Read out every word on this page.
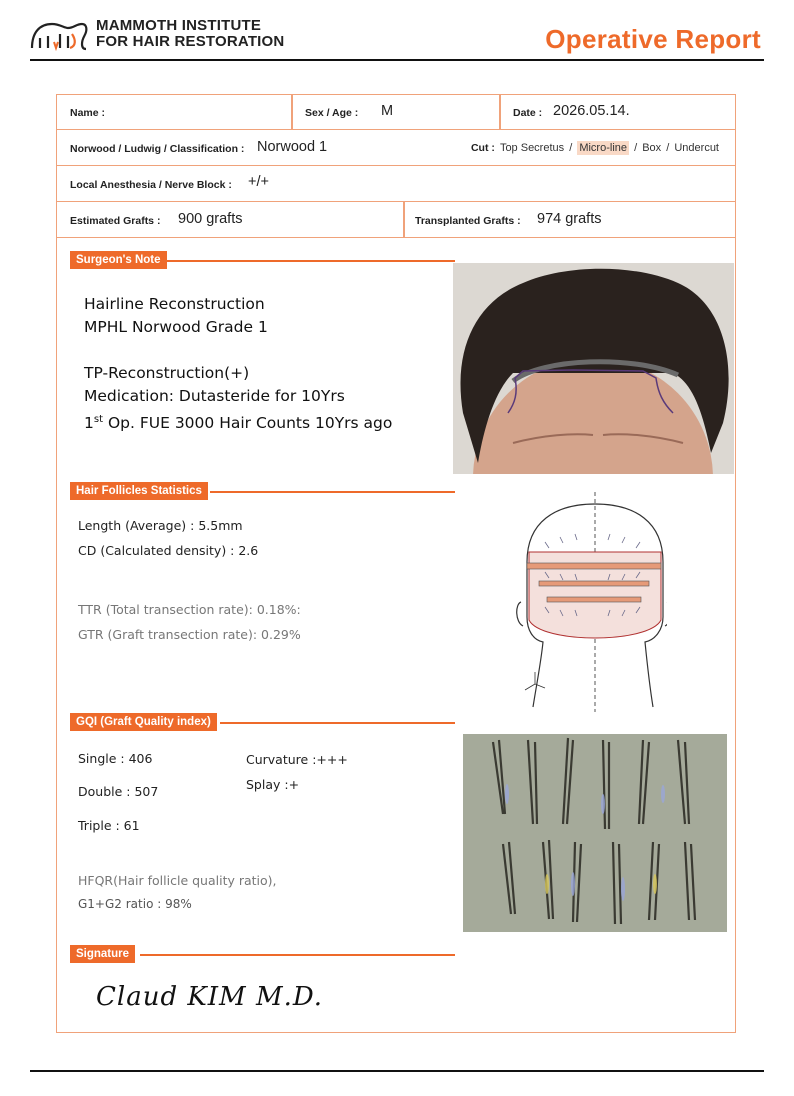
MAMMOTH INSTITUTE
FOR HAIR RESTORATION	Operative Report
Name :	Sex / Age : M	Date : 2026.05.14.
Norwood / Ludwig / Classification : Norwood 1	Cut : Top Secretus / Micro-line / Box / Undercut
Local Anesthesia / Nerve Block : +/+
Estimated Grafts : 900 grafts	Transplanted Grafts : 974 grafts
Surgeon's Note
Hairline Reconstruction
MPHL Norwood Grade 1
TP-Reconstruction(+)
Medication: Dutasteride for 10Yrs
1st Op. FUE 3000 Hair Counts 10Yrs ago
Hair Follicles Statistics
Length (Average) : 5.5mm
CD (Calculated density) : 2.6
TTR (Total transection rate): 0.18%:
GTR (Graft transection rate): 0.29%
GQI (Graft Quality index)
Single : 406
Double : 507
Triple : 61
Curvature :+++
Splay :+
HFQR(Hair follicle quality ratio),
G1+G2 ratio : 98%
Signature
Claud KIM M.D.
